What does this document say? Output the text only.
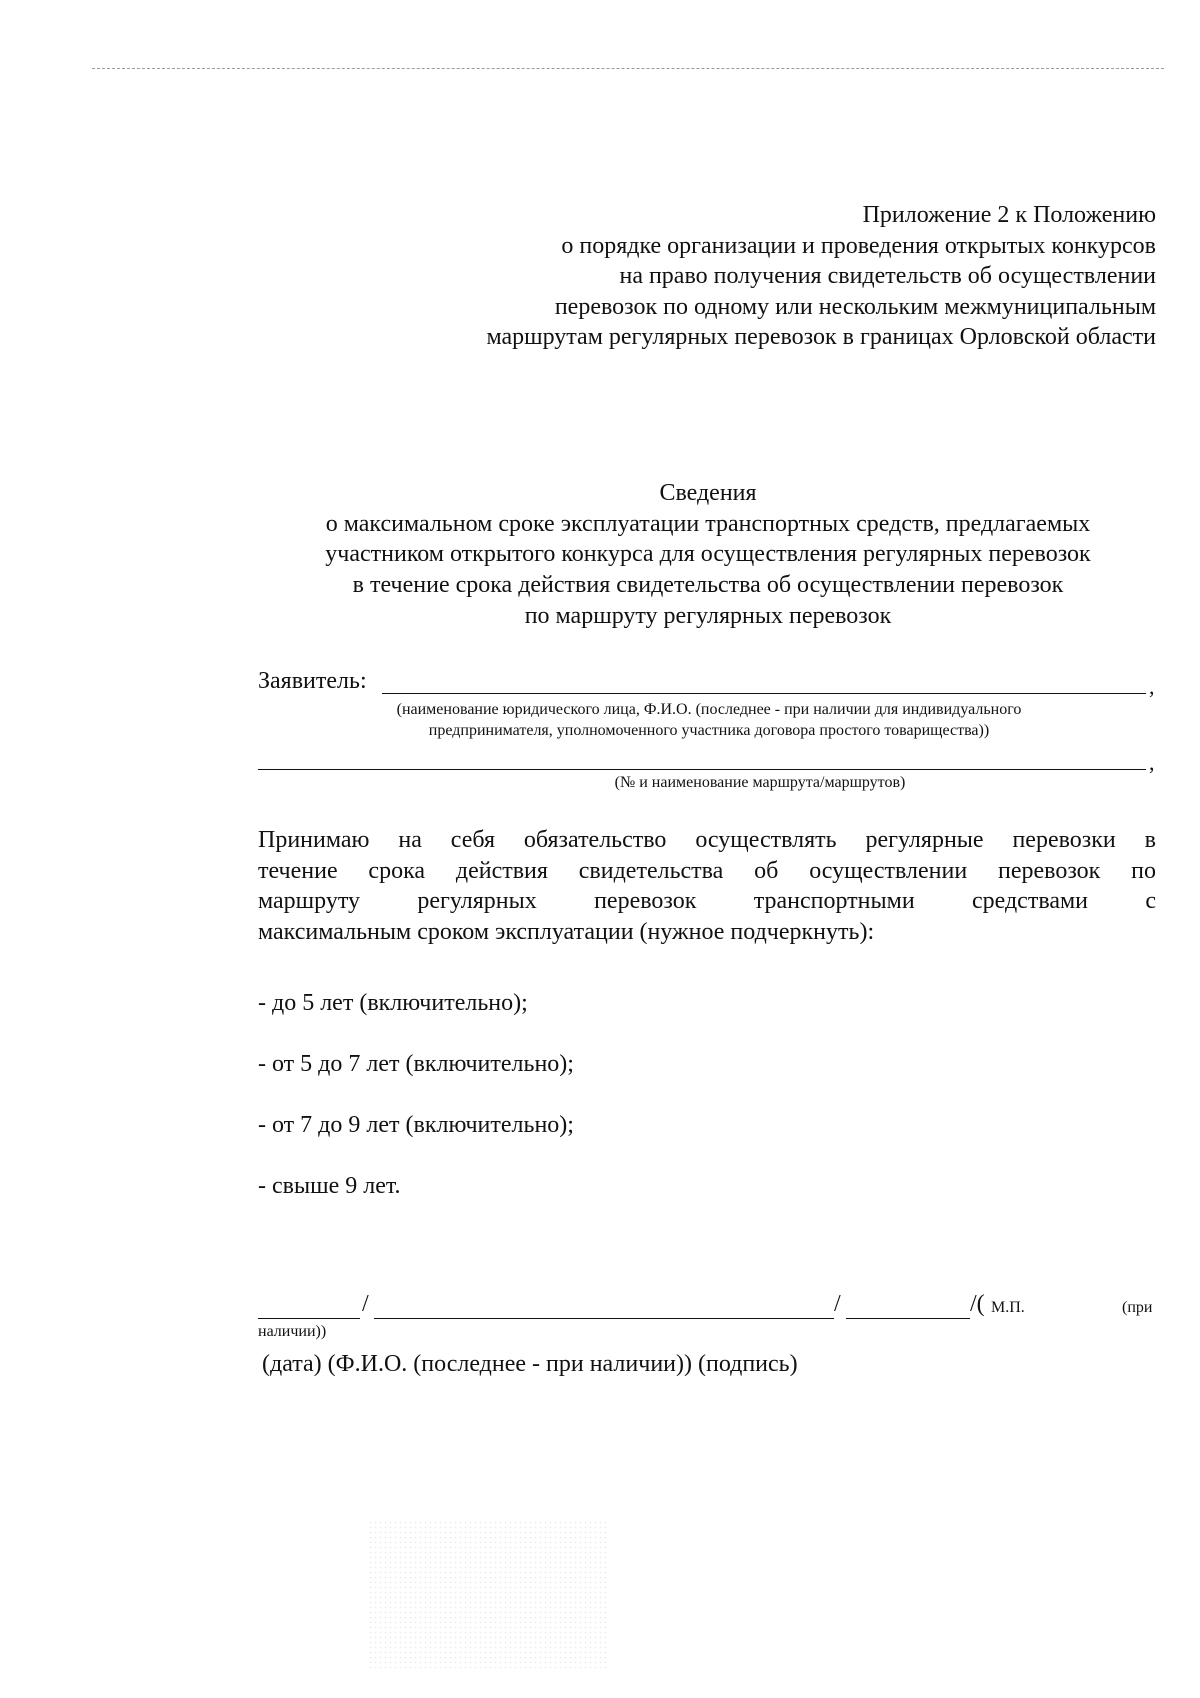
Приложение 2 к Положению
о порядке организации и проведения открытых конкурсов
на право получения свидетельств об осуществлении
перевозок по одному или нескольким межмуниципальным
маршрутам регулярных перевозок в границах Орловской области
Сведения
о максимальном сроке эксплуатации транспортных средств, предлагаемых
участником открытого конкурса для осуществления регулярных перевозок
в течение срока действия свидетельства об осуществлении перевозок
по маршруту регулярных перевозок
Заявитель:	,
(наименование юридического лица, Ф.И.О. (последнее - при наличии для индивидуального
предпринимателя, уполномоченного участника договора простого товарищества))
,
(№ и наименование маршрута/маршрутов)
Принимаю на себя обязательство осуществлять регулярные перевозки в
течение срока действия свидетельства об осуществлении перевозок по
маршруту регулярных перевозок транспортными средствами с
максимальным сроком эксплуатации (нужное подчеркнуть):
- до 5 лет (включительно);
- от 5 до 7 лет (включительно);
- от 7 до 9 лет (включительно);
- свыше 9 лет.
/	/	/( М.П.	(при
наличии))
(дата) (Ф.И.О. (последнее - при наличии)) (подпись)
